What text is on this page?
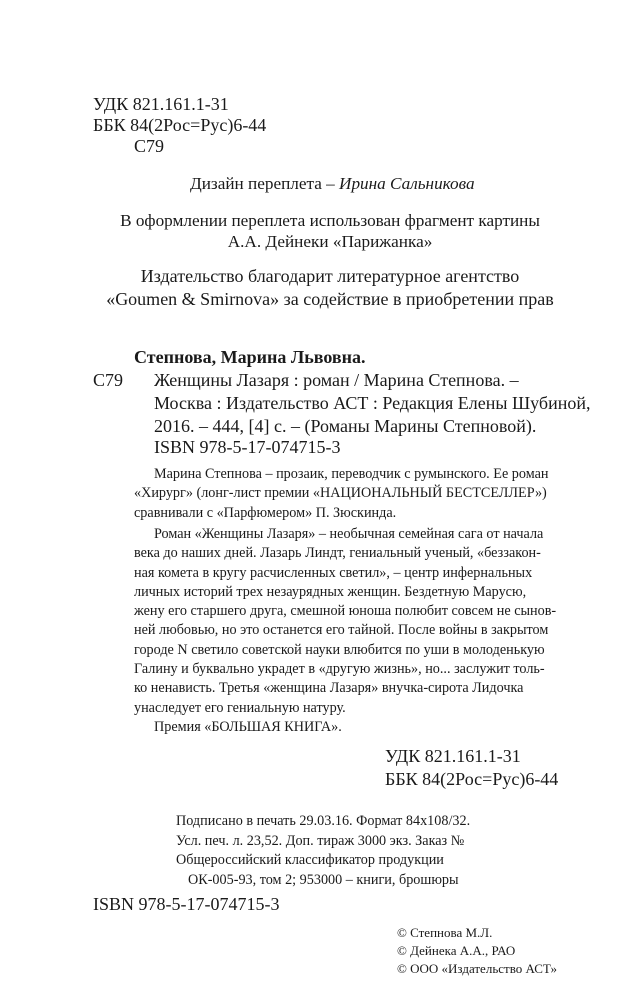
УДК 821.161.1-31
ББК 84(2Рос=Рус)6-44
С79
Дизайн переплета – Ирина Сальникова
В оформлении переплета использован фрагмент картины
А.А. Дейнеки «Парижанка»
Издательство благодарит литературное агентство
«Goumen & Smirnova» за содействие в приобретении прав
Степнова, Марина Львовна.
С79 Женщины Лазаря : роман / Марина Степнова. –
Москва : Издательство АСТ : Редакция Елены Шубиной,
2016. – 444, [4] с. – (Романы Марины Степновой).
ISBN 978-5-17-074715-3
Марина Степнова – прозаик, переводчик с румынского. Ее роман
«Хирург» (лонг-лист премии «НАЦИОНАЛЬНЫЙ БЕСТСЕЛЛЕР»)
сравнивали с «Парфюмером» П. Зюскинда.
Роман «Женщины Лазаря» – необычная семейная сага от начала
века до наших дней. Лазарь Линдт, гениальный ученый, «беззакон-
ная комета в кругу расчисленных светил», – центр инфернальных
личных историй трех незаурядных женщин. Бездетную Марусю,
жену его старшего друга, смешной юноша полюбит совсем не сынов-
ней любовью, но это останется его тайной. После войны в закрытом
городе N светило советской науки влюбится по уши в молоденькую
Галину и буквально украдет в «другую жизнь», но... заслужит толь-
ко ненависть. Третья «женщина Лазаря» внучка-сирота Лидочка
унаследует его гениальную натуру.
Премия «БОЛЬШАЯ КНИГА».
УДК 821.161.1-31
ББК 84(2Рос=Рус)6-44
Подписано в печать 29.03.16. Формат 84x108/32.
Усл. печ. л. 23,52. Доп. тираж 3000 экз. Заказ №
Общероссийский классификатор продукции
ОК-005-93, том 2; 953000 – книги, брошюры
ISBN 978-5-17-074715-3
© Степнова М.Л.
© Дейнека А.А., РАО
© ООО «Издательство АСТ»
